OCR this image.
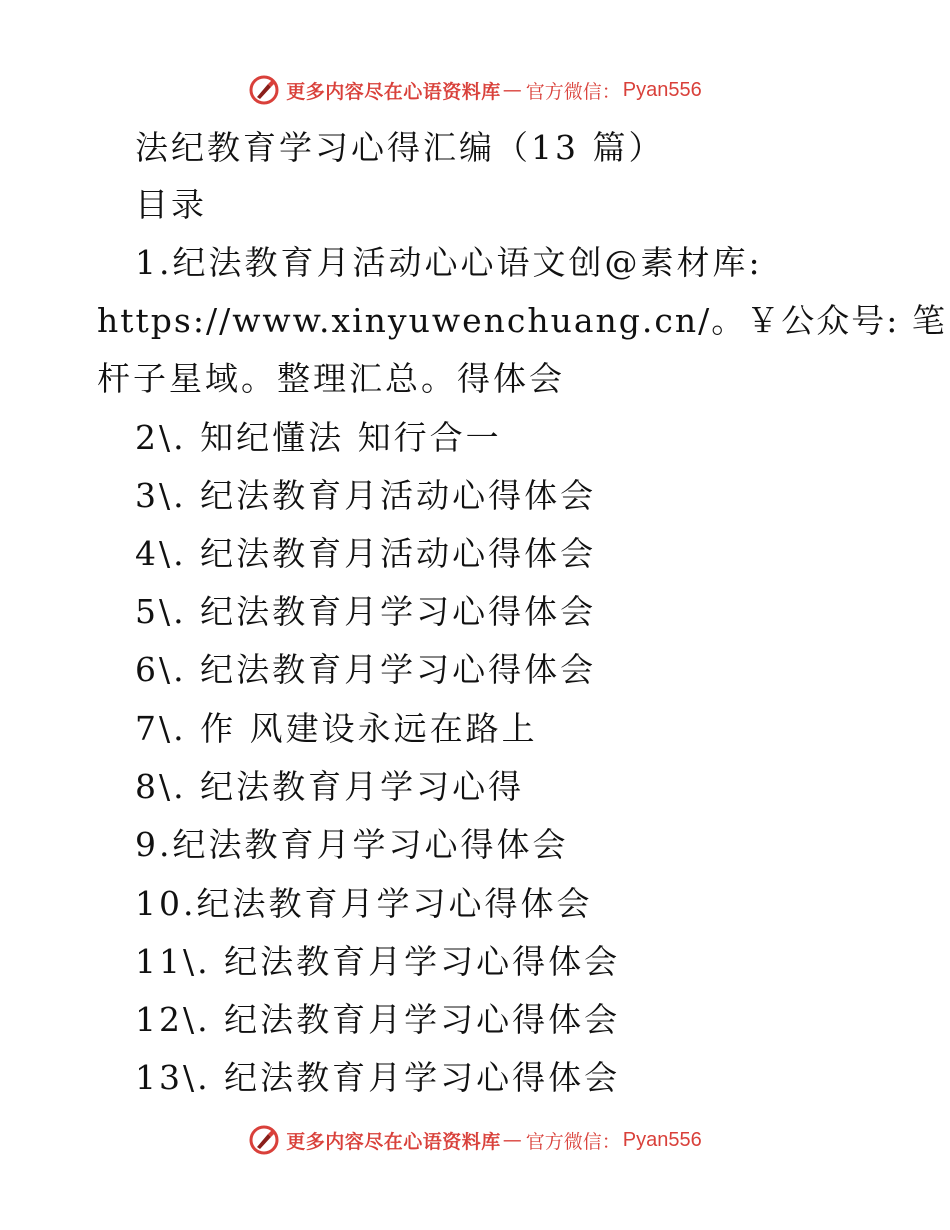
更多内容尽在心语资料库 — 官方微信： Pyan556
法纪教育学习心得汇编（13 篇）
目录
1.纪法教育月活动心心语文创@素材库:
https://www.xinyuwenchuang.cn/。￥公众号: 笔
杆子星域。整理汇总。得体会
2\. 知纪懂法 知行合一
3\. 纪法教育月活动心得体会
4\. 纪法教育月活动心得体会
5\. 纪法教育月学习心得体会
6\. 纪法教育月学习心得体会
7\. 作 风建设永远在路上
8\. 纪法教育月学习心得
9.纪法教育月学习心得体会
10.纪法教育月学习心得体会
11\. 纪法教育月学习心得体会
12\. 纪法教育月学习心得体会
13\. 纪法教育月学习心得体会
更多内容尽在心语资料库 — 官方微信： Pyan556
